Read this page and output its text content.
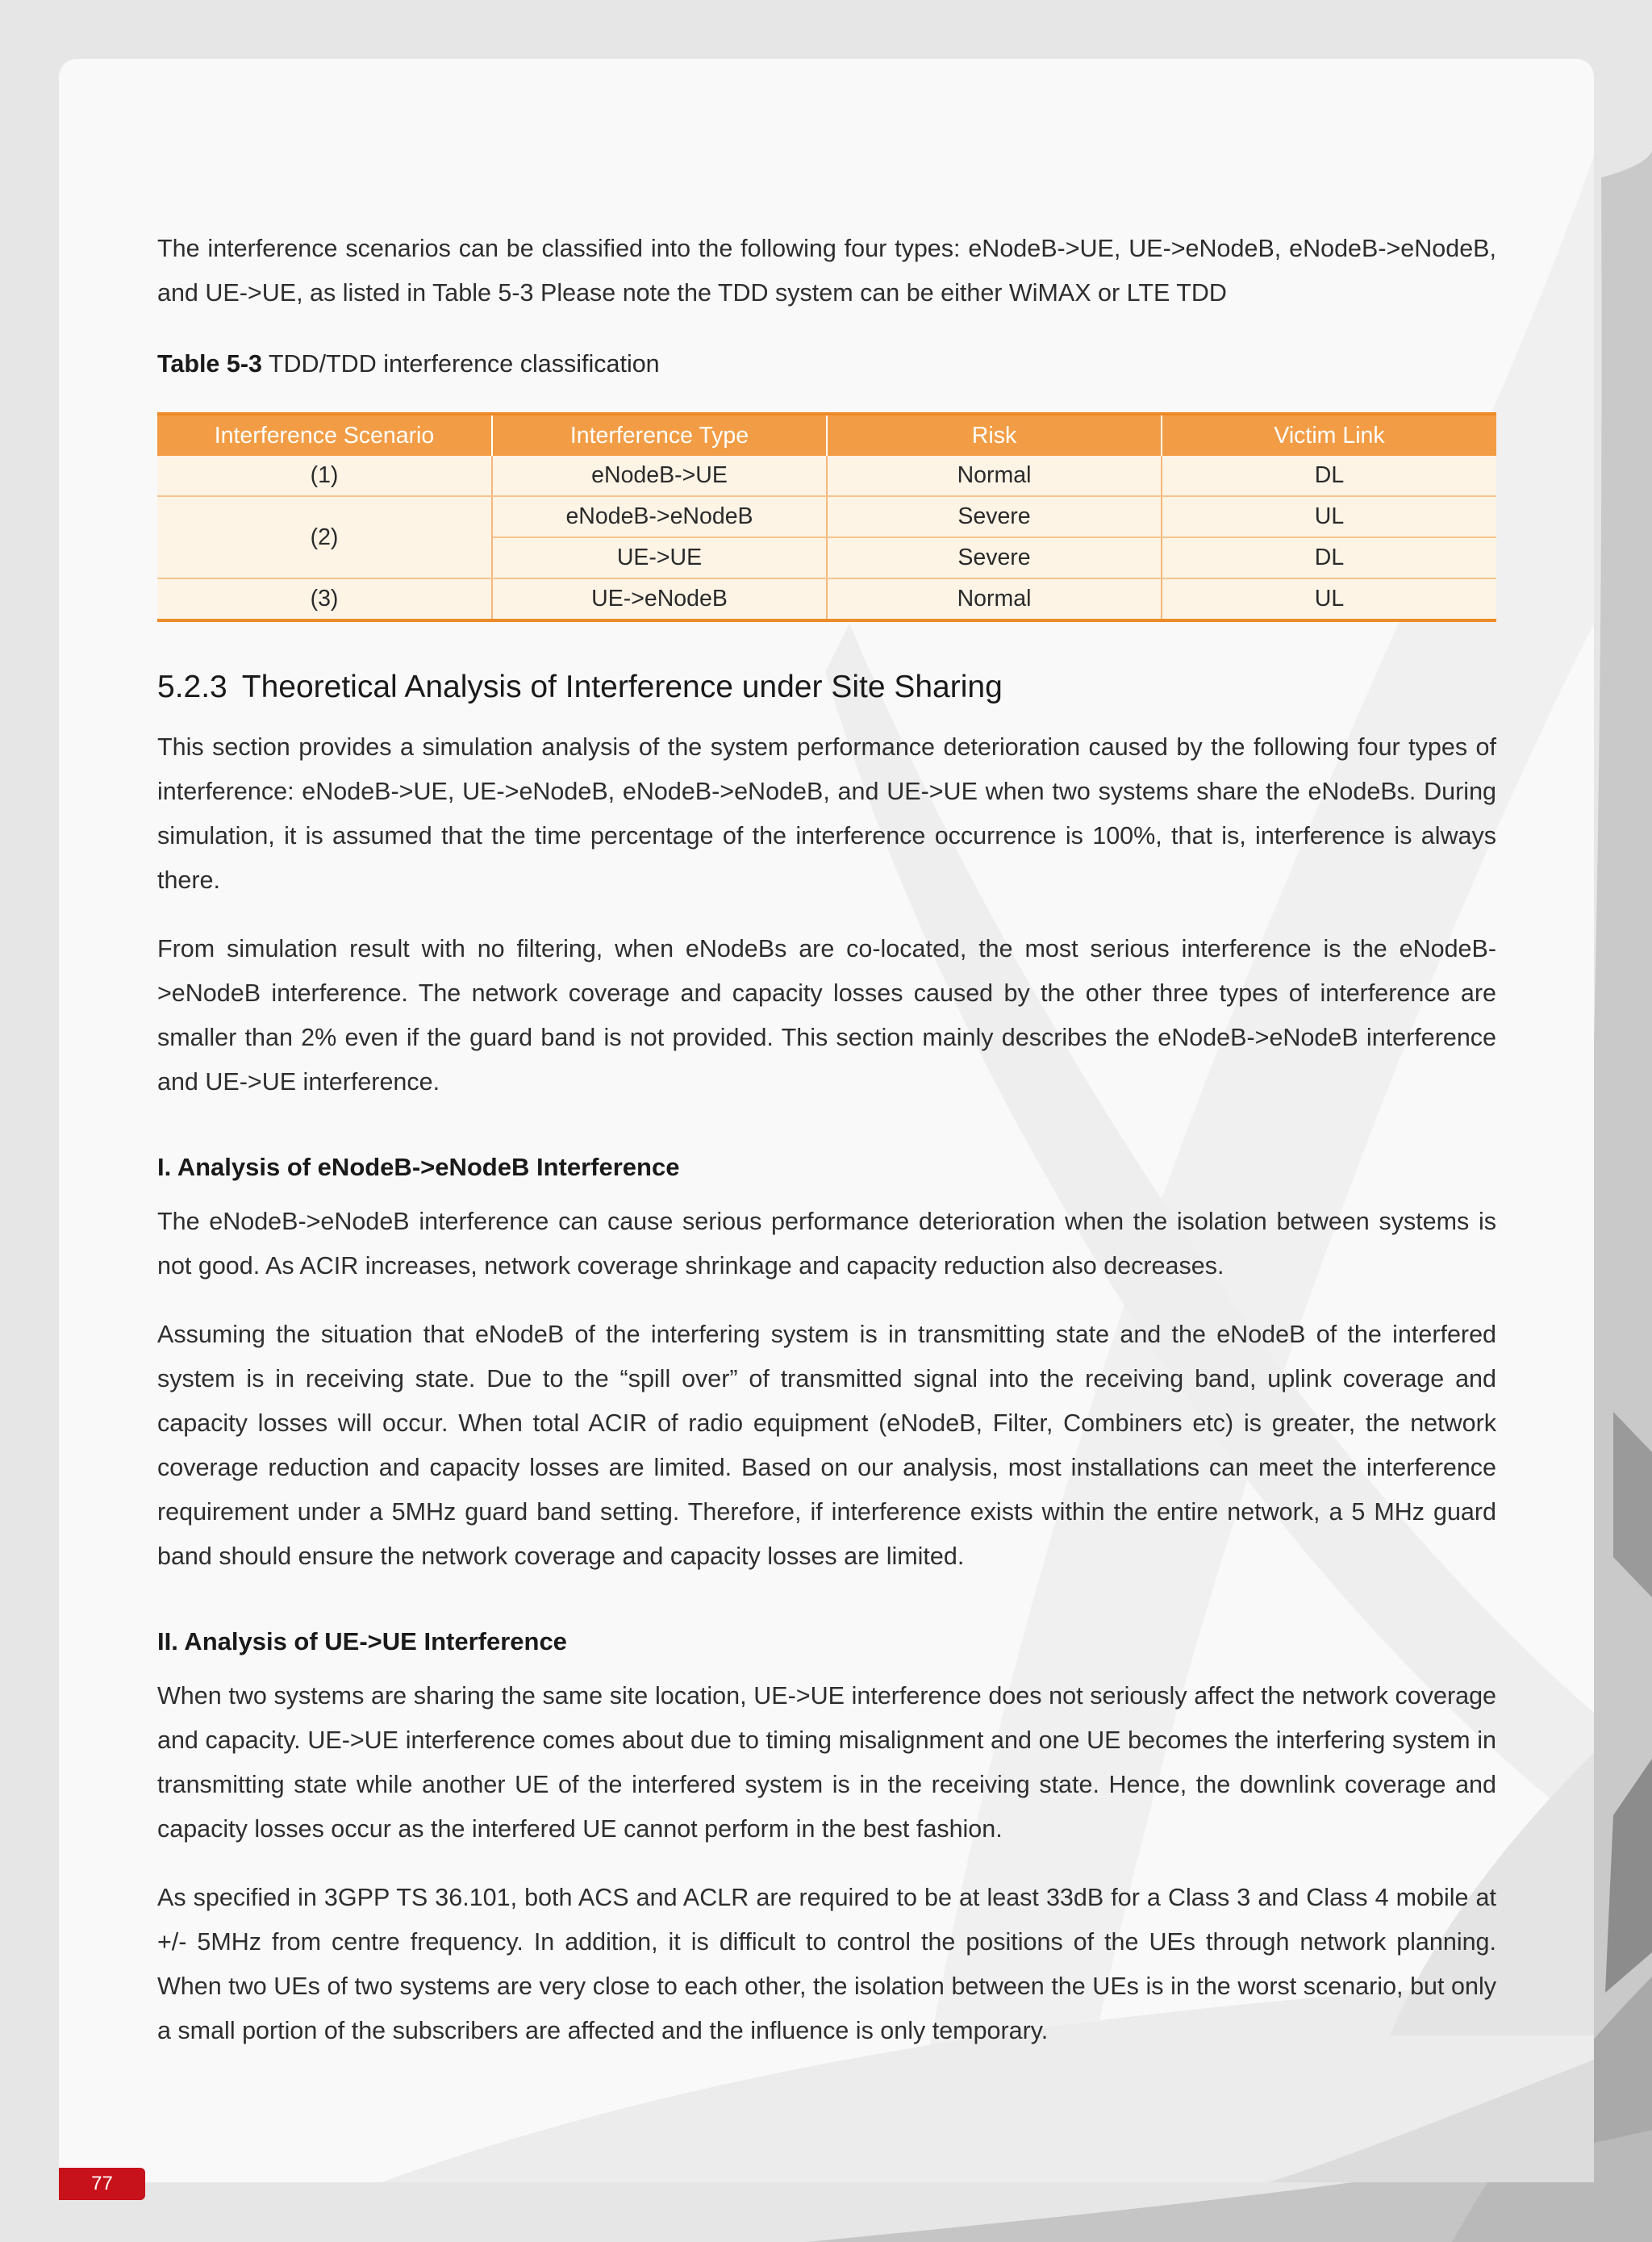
The interference scenarios can be classified into the following four types: eNodeB->UE, UE->eNodeB, eNodeB->eNodeB, and UE->UE, as listed in Table 5-3 Please note the TDD system can be either WiMAX or LTE TDD

Table 5-3 TDD/TDD interference classification
Interference Scenario	Interference Type	Risk	Victim Link
(1)	eNodeB->UE	Normal	DL
(2)	eNodeB->eNodeB	Severe	UL
	UE->UE	Severe	DL
(3)	UE->eNodeB	Normal	UL
5.2.3 Theoretical Analysis of Interference under Site Sharing

This section provides a simulation analysis of the system performance deterioration caused by the following four types of interference: eNodeB->UE, UE->eNodeB, eNodeB->eNodeB, and UE->UE when two systems share the eNodeBs. During simulation, it is assumed that the time percentage of the interference occurrence is 100%, that is, interference is always there.

From simulation result with no filtering, when eNodeBs are co-located, the most serious interference is the eNodeB->eNodeB interference. The network coverage and capacity losses caused by the other three types of interference are smaller than 2% even if the guard band is not provided. This section mainly describes the eNodeB->eNodeB interference and UE->UE interference.

I. Analysis of eNodeB->eNodeB Interference

The eNodeB->eNodeB interference can cause serious performance deterioration when the isolation between systems is not good. As ACIR increases, network coverage shrinkage and capacity reduction also decreases.

Assuming the situation that eNodeB of the interfering system is in transmitting state and the eNodeB of the interfered system is in receiving state. Due to the “spill over” of transmitted signal into the receiving band, uplink coverage and capacity losses will occur. When total ACIR of radio equipment (eNodeB, Filter, Combiners etc) is greater, the network coverage reduction and capacity losses are limited. Based on our analysis, most installations can meet the interference requirement under a 5MHz guard band setting. Therefore, if interference exists within the entire network, a 5 MHz guard band should ensure the network coverage and capacity losses are limited.

II. Analysis of UE->UE Interference

When two systems are sharing the same site location, UE->UE interference does not seriously affect the network coverage and capacity. UE->UE interference comes about due to timing misalignment and one UE becomes the interfering system in transmitting state while another UE of the interfered system is in the receiving state. Hence, the downlink coverage and capacity losses occur as the interfered UE cannot perform in the best fashion.

As specified in 3GPP TS 36.101, both ACS and ACLR are required to be at least 33dB for a Class 3 and Class 4 mobile at +/- 5MHz from centre frequency. In addition, it is difficult to control the positions of the UEs through network planning. When two UEs of two systems are very close to each other, the isolation between the UEs is in the worst scenario, but only a small portion of the subscribers are affected and the influence is only temporary.

77
